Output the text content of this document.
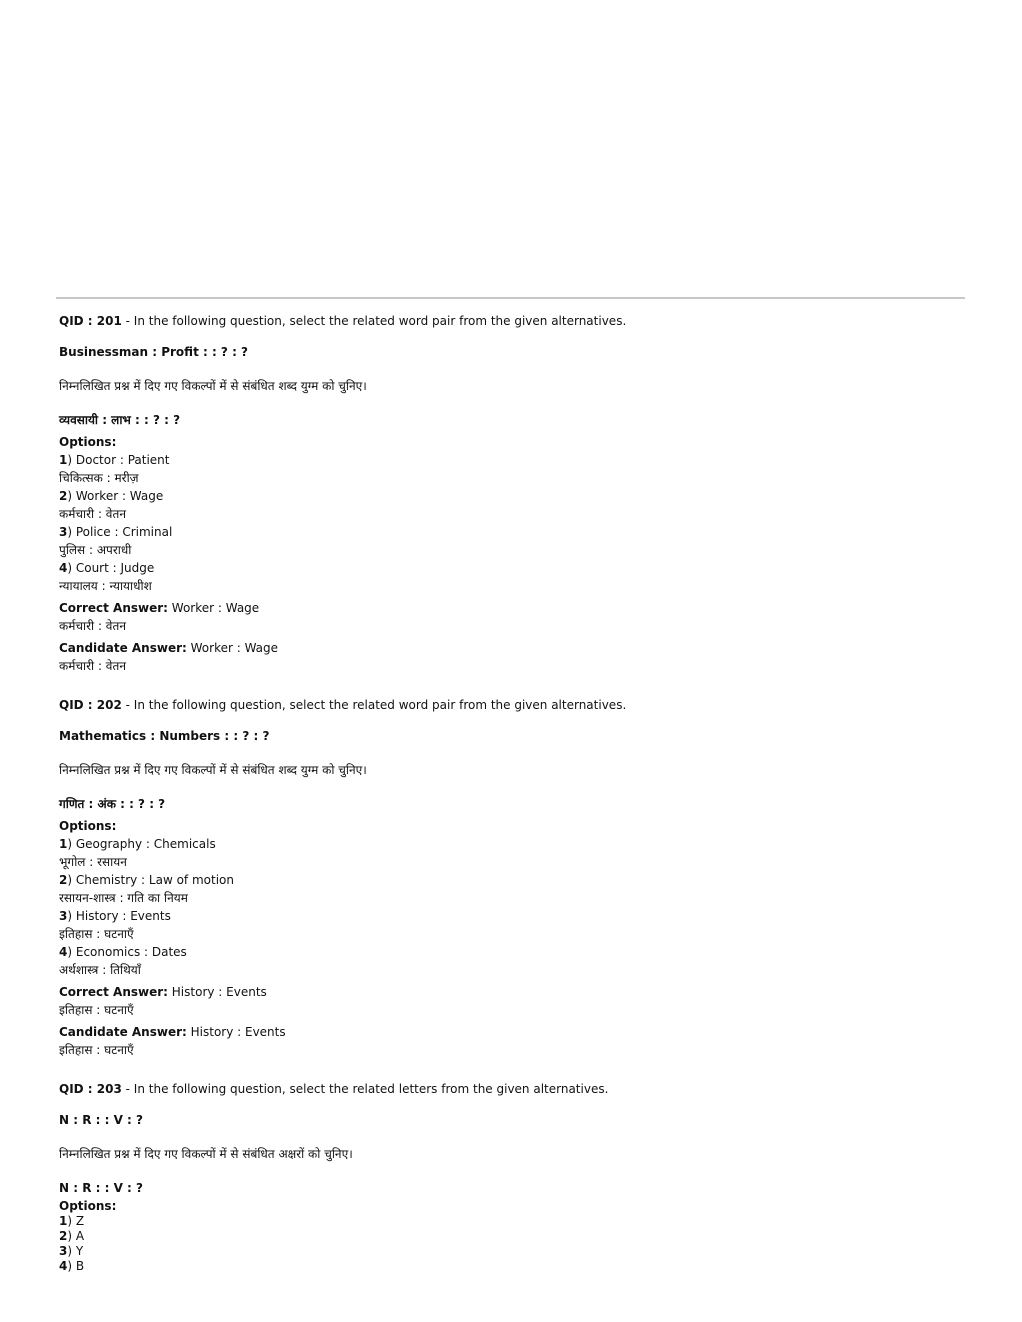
QID : 201 - In the following question, select the related word pair from the given alternatives.

Businessman : Profit : : ? : ?

निम्नलिखित प्रश्न में दिए गए विकल्पों में से संबंधित शब्द युग्म को चुनिए।

व्यवसायी : लाभ : : ? : ?

Options:

1) Doctor : Patient

चिकित्सक : मरीज़

2) Worker : Wage

कर्मचारी : वेतन

3) Police : Criminal

पुलिस : अपराधी

4) Court : Judge

न्यायालय : न्यायाधीश

Correct Answer: Worker : Wage

कर्मचारी : वेतन

Candidate Answer: Worker : Wage

कर्मचारी : वेतन

QID : 202 - In the following question, select the related word pair from the given alternatives.

Mathematics : Numbers : : ? : ?

निम्नलिखित प्रश्न में दिए गए विकल्पों में से संबंधित शब्द युग्म को चुनिए।

गणित : अंक : : ? : ?

Options:

1) Geography : Chemicals

भूगोल : रसायन

2) Chemistry : Law of motion

रसायन-शास्त्र : गति का नियम

3) History : Events

इतिहास : घटनाएँ

4) Economics : Dates

अर्थशास्त्र : तिथियाँ

Correct Answer: History : Events

इतिहास : घटनाएँ

Candidate Answer: History : Events

इतिहास : घटनाएँ

QID : 203 - In the following question, select the related letters from the given alternatives.

N : R : : V : ?

निम्नलिखित प्रश्न में दिए गए विकल्पों में से संबंधित अक्षरों को चुनिए।

N : R : : V : ?

Options:

1) Z

2) A

3) Y

4) B
